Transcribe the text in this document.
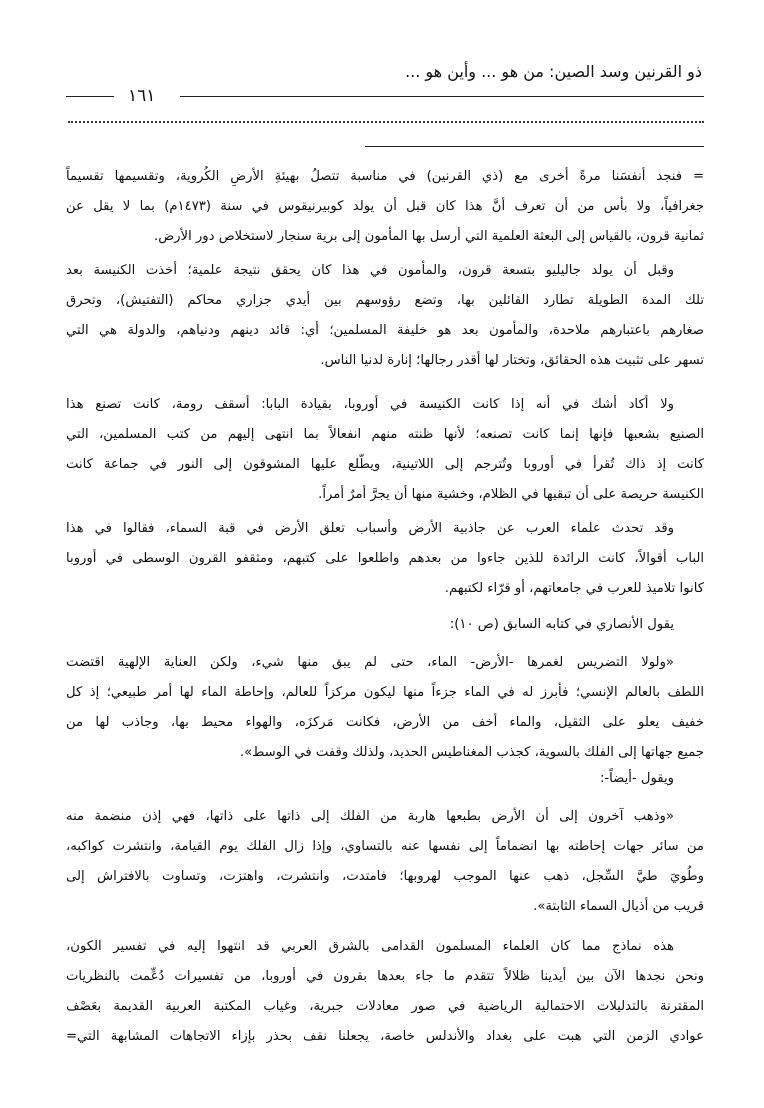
ذو القرنين وسد الصين: من هو ... وأين هو ...
١٦١
= فنجد أنفسَنا مرةً أخرى مع (ذي القرنين) في مناسبة تتصلُ بهيئةِ الأرضِ الكُروية، وتقسيمها تقسيماً
جغرافياً، ولا بأس من أن تعرف أنَّ هذا كان قبل أن يولد كوبيرنيقوس في سنة (١٤٧٣م) بما لا يقل عن
ثمانية قرون، بالقياس إلى البعثة العلمية التي أرسل بها المأمون إلى برية سنجار لاستخلاص دور الأرض.
وقبل أن يولد جاليليو بتسعة قرون، والمأمون في هذا كان يحقق نتيجة علمية؛ أخذت الكنيسة بعد
تلك المدة الطويلة تطارد القائلين بها، وتضع رؤوسهم بين أيدي جزاري محاكم (التفتيش)، وتحرق
صغارهم باعتبارهم ملاحدة، والمأمون بعد هو خليفة المسلمين؛ أي: قائد دينهم ودنياهم، والدولة هي التي
تسهر على تثبيت هذه الحقائق، وتختار لها أقدر رجالها؛ إنارة لدنيا الناس.
ولا أكاد أشك في أنه إذا كانت الكنيسة في أوروبا، بقيادة البابا: أسقف رومة، كانت تصنع هذا
الصنيع بشعبها فإنها إنما كانت تصنعه؛ لأنها ظنته منهم انفعالاً بما انتهى إليهم من كتب المسلمين، التي
كانت إذ ذاك تُقرأ في أوروبا وتُترجم إلى اللاتينية، ويطّلع عليها المشوقون إلى النور في جماعة كانت
الكنيسة حريصة على أن تبقيها في الظلام، وخشية منها أن يجرَّ أمرٌ أمراً.
وقد تحدث علماء العرب عن جاذبية الأرض وأسباب تعلق الأرض في قبة السماء، فقالوا في هذا
الباب أقوالاً، كانت الرائدة للذين جاءوا من بعدهم واطلعوا على كتبهم، ومثقفو القرون الوسطى في أوروبا
كانوا تلاميذ للعرب في جامعاتهم، أو قرّاء لكتبهم.
يقول الأنصاري في كتابه السابق (ص ١٠):
«ولولا التضريس لغمرها -الأرض- الماء، حتى لم يبق منها شيء، ولكن العناية الإلهية اقتضت
اللطف بالعالم الإنسي؛ فأبرز له في الماء جزءاً منها ليكون مركزاً للعالم، وإحاطة الماء لها أمر طبيعي؛ إذ كل
خفيف يعلو على الثقيل، والماء أخف من الأرض، فكانت مَركزَه، والهواء محيط بها، وجاذب لها من
جميع جهاتها إلى الفلك بالسوية، كجذب المغناطيس الحديد، ولذلك وقفت في الوسط».
ويقول -أيضاً-:
«وذهب آخرون إلى أن الأرض بطبعها هاربة من الفلك إلى ذاتها على ذاتها، فهي إذن منضمة منه
من سائر جهات إحاطته بها انضماماً إلى نفسها عنه بالتساوي، وإذا زال الفلك يوم القيامة، وانتشرت كواكبه،
وطُويَ طيَّ السِّجل، ذهب عنها الموجب لهروبها؛ فامتدت، وانتشرت، واهتزت، وتساوت بالافتراش إلى
قريب من أذيال السماء الثابتة».
هذه نماذج مما كان العلماء المسلمون القدامى بالشرق العربي قد انتهوا إليه في تفسير الكون،
ونحن نجدها الآن بين أيدينا ظلالاً تتقدم ما جاء بعدها بقرون في أوروبا، من تفسيرات دُعِّمت بالنظريات
المقترنة بالتدليلات الاحتمالية الرياضية في صور معادلات جبرية، وغياب المكتبة العربية القديمة بعَصْف
عوادي الزمن التي هبت على بغداد والأندلس خاصة، يجعلنا نقف بحذر بإزاء الاتجاهات المشابهة التي=
